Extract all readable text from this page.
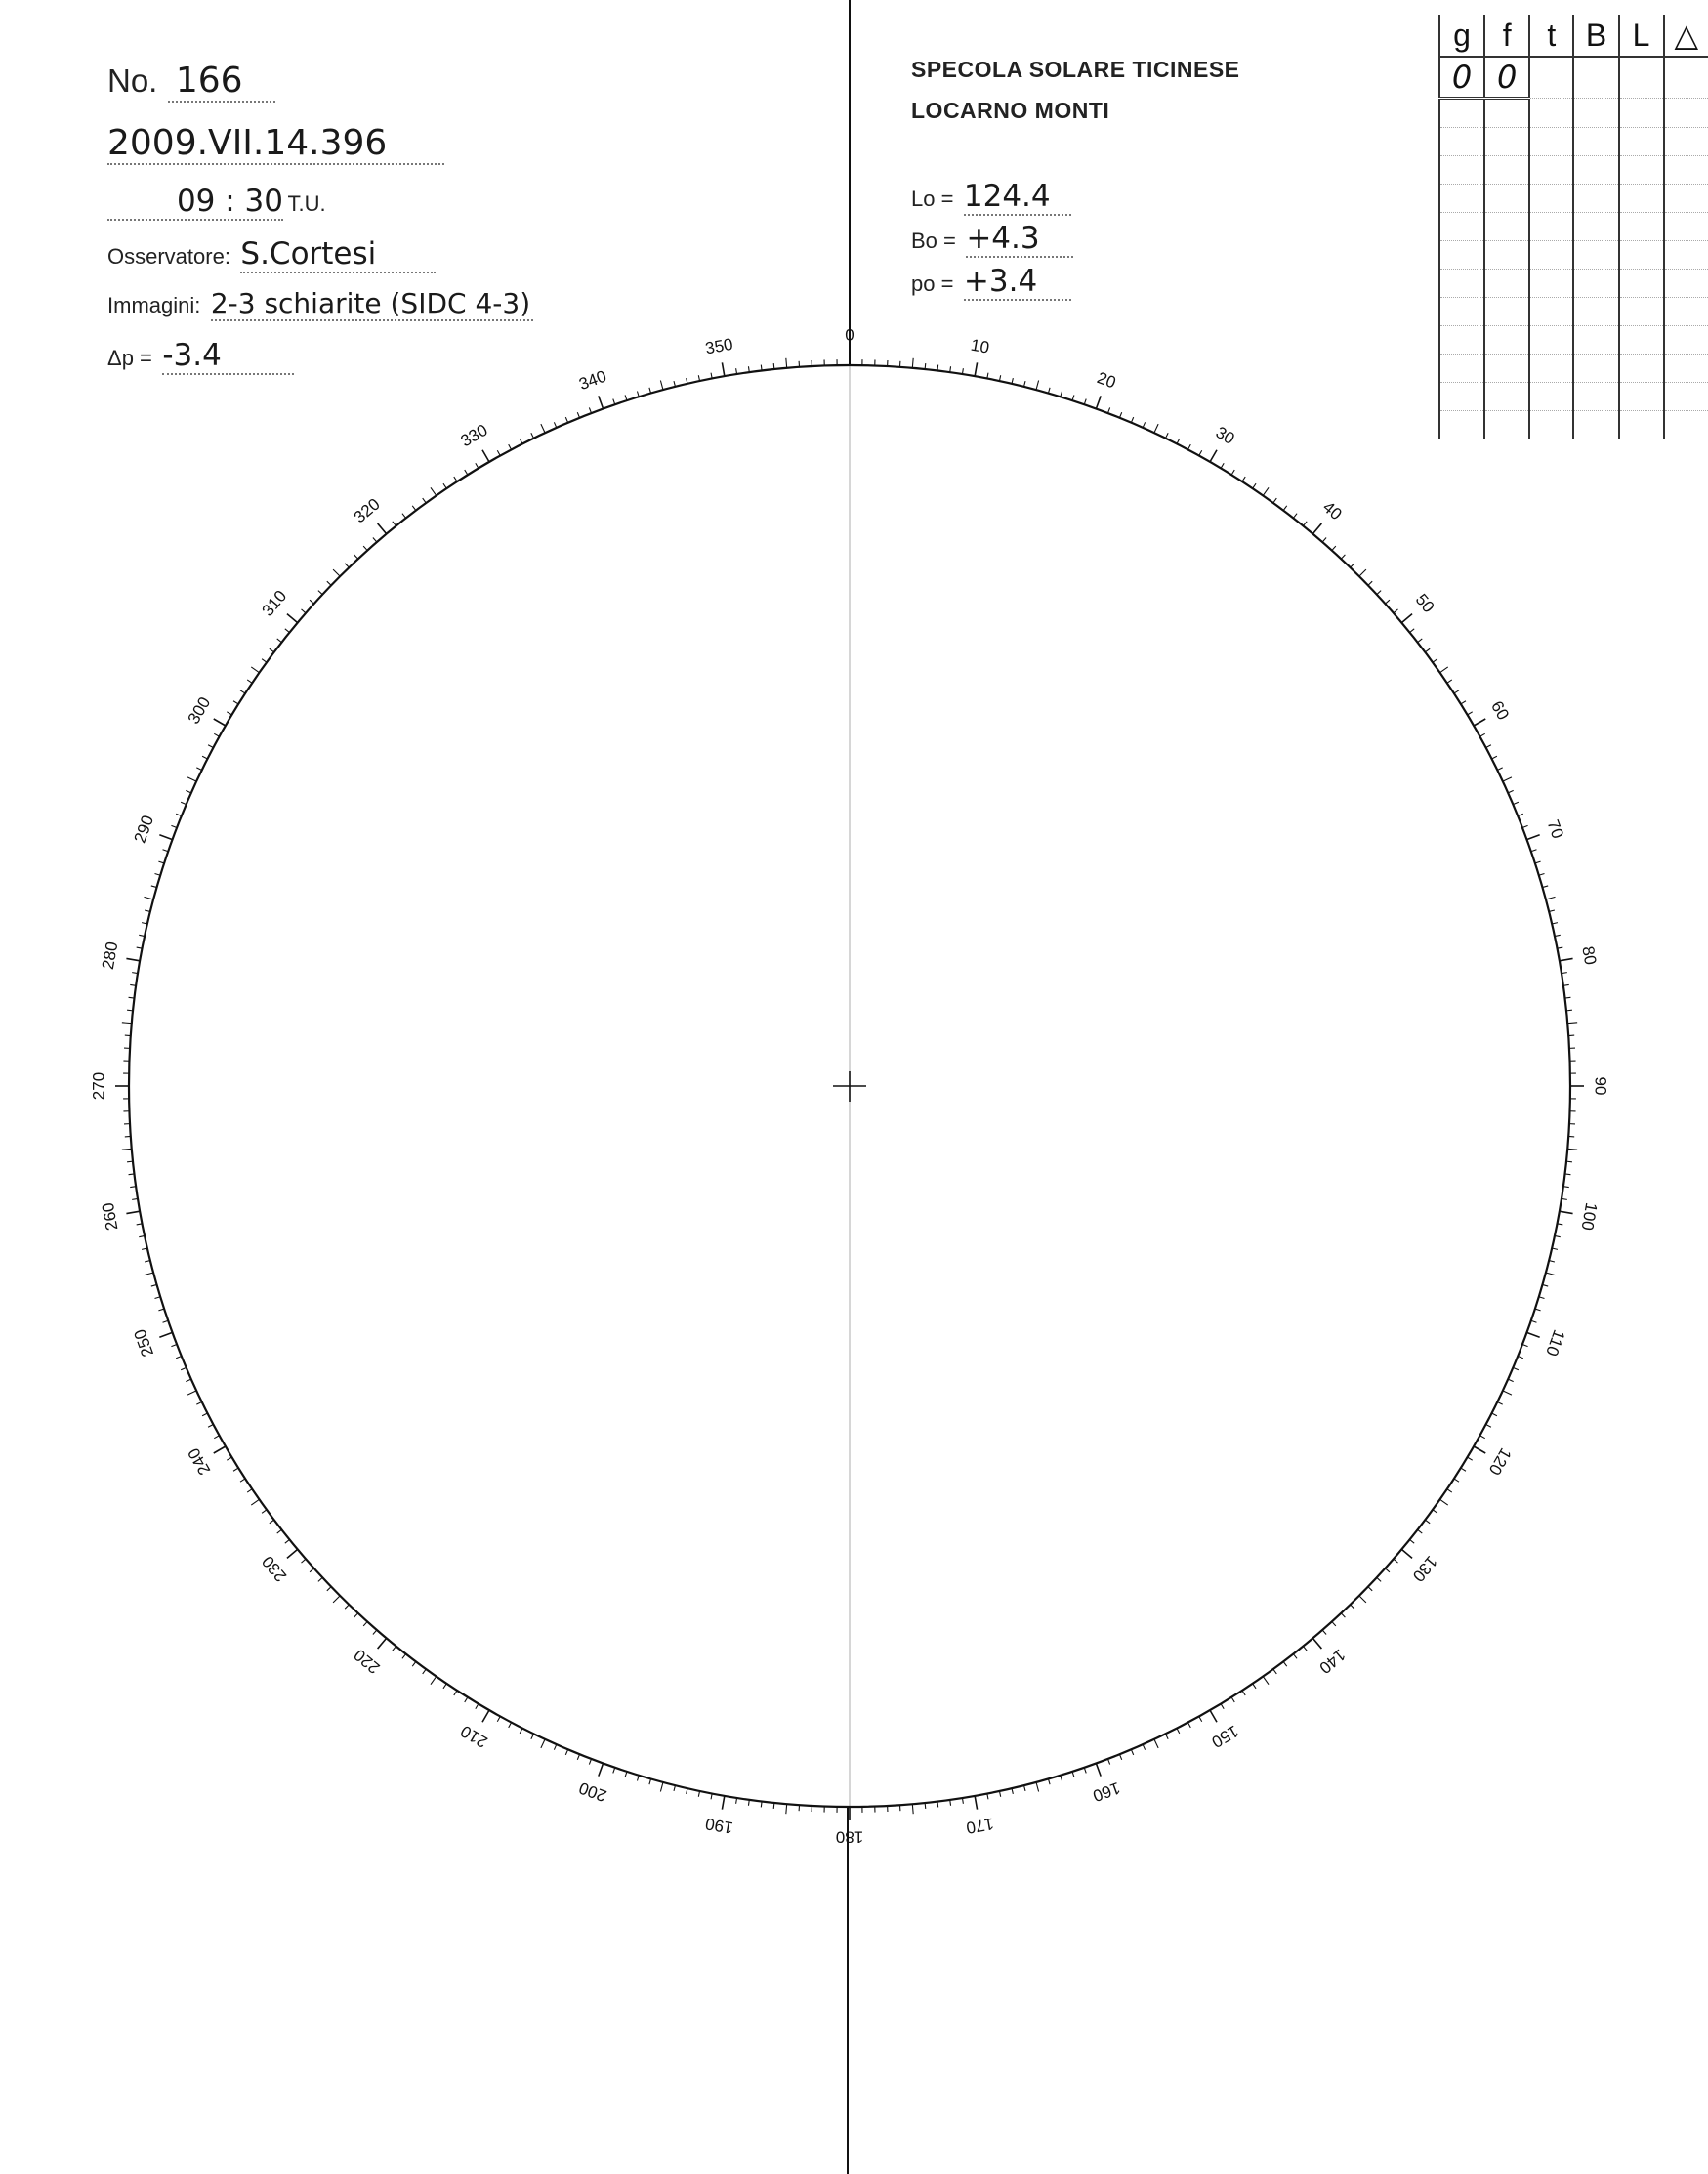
0
10
20
30
40
50
60
70
80
90
100
110
120
130
140
150
160
170
180
190
200
210
220
230
240
250
260
270
280
290
300
310
320
330
340
350
No. 166
2009.VII.14.396
09 : 30 T.U.
Osservatore: S.Cortesi
Immagini: 2-3 schiarite (SIDC 4-3)
Δp = -3.4
SPECOLA SOLARE TICINESE
LOCARNO MONTI
Lo = 124.4
Bo = +4.3
po = +3.4
g	f	t	B	L	△
0	0				
